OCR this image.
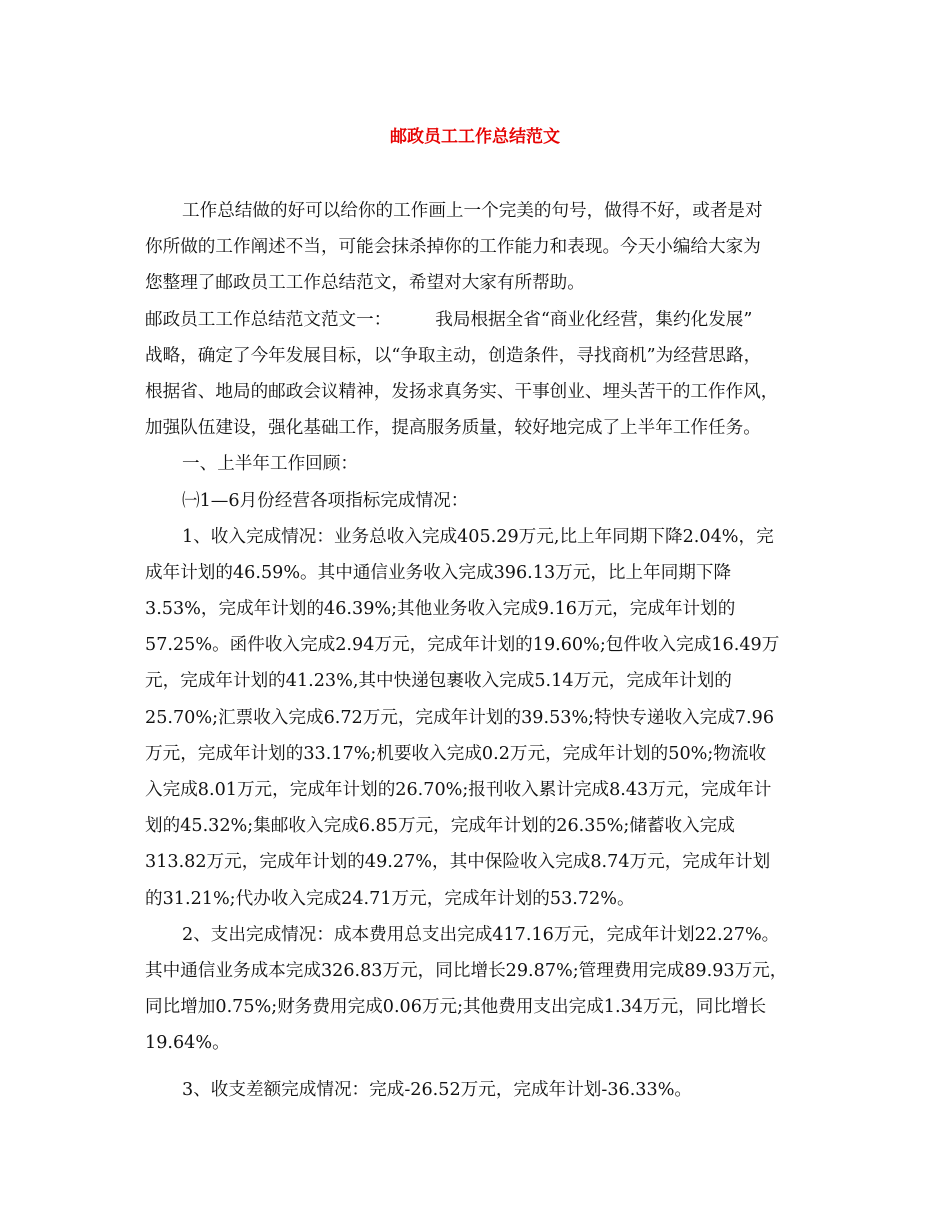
邮政员工工作总结范文
工作总结做的好可以给你的工作画上一个完美的句号，做得不好，或者是对
你所做的工作阐述不当，可能会抹杀掉你的工作能力和表现。今天小编给大家为
您整理了邮政员工工作总结范文，希望对大家有所帮助。
邮政员工工作总结范文范文一：　　　我局根据全省“商业化经营，集约化发展”
战略，确定了今年发展目标，以“争取主动，创造条件，寻找商机”为经营思路，
根据省、地局的邮政会议精神，发扬求真务实、干事创业、埋头苦干的工作作风，
加强队伍建设，强化基础工作，提高服务质量，较好地完成了上半年工作任务。
一、上半年工作回顾：
㈠1—6月份经营各项指标完成情况：
1、收入完成情况：业务总收入完成405.29万元,比上年同期下降2.04%，完
成年计划的46.59%。其中通信业务收入完成396.13万元，比上年同期下降
3.53%，完成年计划的46.39%;其他业务收入完成9.16万元，完成年计划的
57.25%。函件收入完成2.94万元，完成年计划的19.60%;包件收入完成16.49万
元，完成年计划的41.23%,其中快递包裹收入完成5.14万元，完成年计划的
25.70%;汇票收入完成6.72万元，完成年计划的39.53%;特快专递收入完成7.96
万元，完成年计划的33.17%;机要收入完成0.2万元，完成年计划的50%;物流收
入完成8.01万元，完成年计划的26.70%;报刊收入累计完成8.43万元，完成年计
划的45.32%;集邮收入完成6.85万元，完成年计划的26.35%;储蓄收入完成
313.82万元，完成年计划的49.27%，其中保险收入完成8.74万元，完成年计划
的31.21%;代办收入完成24.71万元，完成年计划的53.72%。
2、支出完成情况：成本费用总支出完成417.16万元，完成年计划22.27%。
其中通信业务成本完成326.83万元，同比增长29.87%;管理费用完成89.93万元，
同比增加0.75%;财务费用完成0.06万元;其他费用支出完成1.34万元，同比增长
19.64%。
3、收支差额完成情况：完成-26.52万元，完成年计划-36.33%。
